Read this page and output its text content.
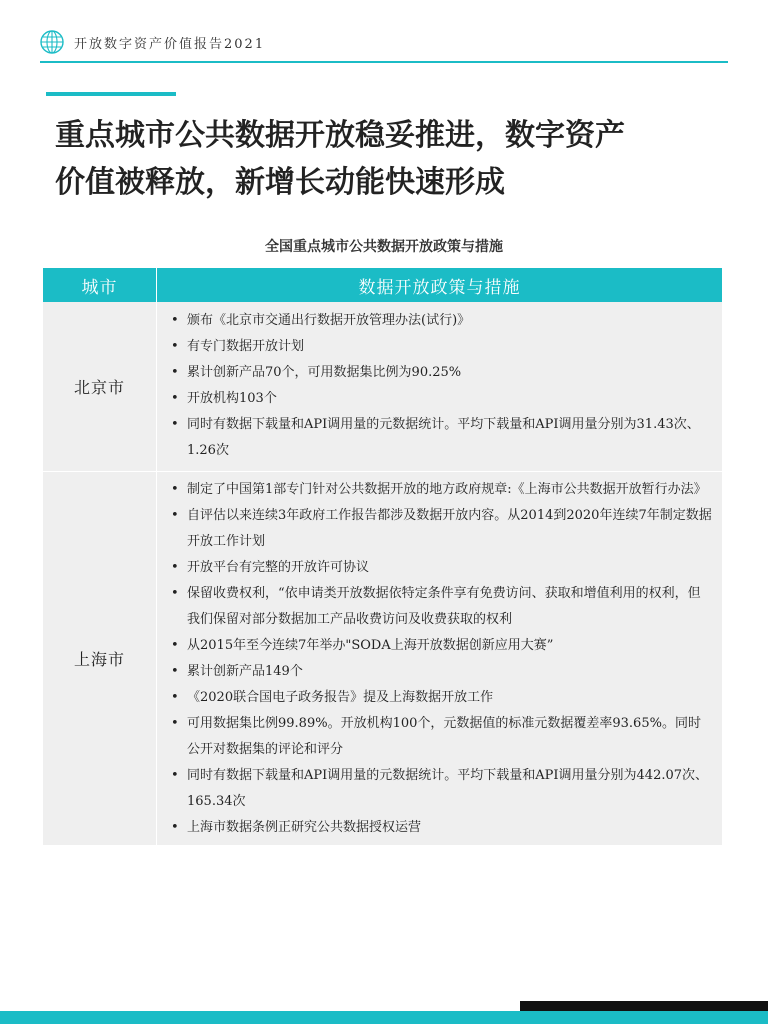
开放数字资产价值报告2021
重点城市公共数据开放稳妥推进，数字资产
价值被释放，新增长动能快速形成
全国重点城市公共数据开放政策与措施
城市	数据开放政策与措施
北京市
• 颁布《北京市交通出行数据开放管理办法(试行)》
• 有专门数据开放计划
• 累计创新产品70个，可用数据集比例为90.25%
• 开放机构103个
• 同时有数据下载量和API调用量的元数据统计。平均下载量和API调用量分别为31.43次、1.26次
上海市
• 制定了中国第1部专门针对公共数据开放的地方政府规章:《上海市公共数据开放暂行办法》
• 自评估以来连续3年政府工作报告都涉及数据开放内容。从2014到2020年连续7年制定数据开放工作计划
• 开放平台有完整的开放许可协议
• 保留收费权利，“依申请类开放数据依特定条件享有免费访问、获取和增值利用的权利，但我们保留对部分数据加工产品收费访问及收费获取的权利
• 从2015年至今连续7年举办"SODA上海开放数据创新应用大赛”
• 累计创新产品149个
• 《2020联合国电子政务报告》提及上海数据开放工作
• 可用数据集比例99.89%。开放机构100个，元数据值的标准元数据覆差率93.65%。同时公开对数据集的评论和评分
• 同时有数据下载量和API调用量的元数据统计。平均下载量和API调用量分别为442.07次、165.34次
• 上海市数据条例正研究公共数据授权运营
